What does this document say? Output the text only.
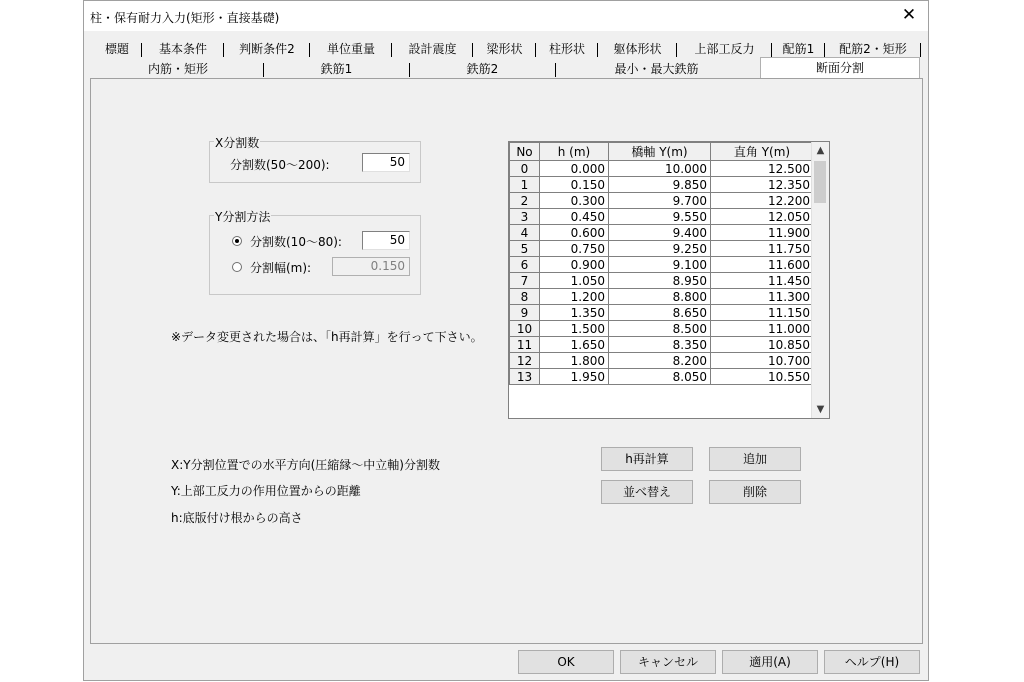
柱・保有耐力入力(矩形・直接基礎)	✕
標題	基本条件	判断条件2	単位重量	設計震度	梁形状	柱形状	躯体形状	上部工反力	配筋1	配筋2・矩形
内筋・矩形	鉄筋1	鉄筋2	最小・最大鉄筋	断面分割
X分割数
分割数(50～200):	50
Y分割方法
分割数(10～80):	50
分割幅(m):	0.150
※データ変更された場合は、「h再計算」を行って下さい。
X:Y分割位置での水平方向(圧縮縁～中立軸)分割数
Y:上部工反力の作用位置からの距離
h:底版付け根からの高さ
h再計算	追加
並べ替え	削除
OK	キャンセル	適用(A)	ヘルプ(H)
No	h (m)	橋軸 Y(m)	直角 Y(m)
0	0.000	10.000	12.500
1	0.150	9.850	12.350
2	0.300	9.700	12.200
3	0.450	9.550	12.050
4	0.600	9.400	11.900
5	0.750	9.250	11.750
6	0.900	9.100	11.600
7	1.050	8.950	11.450
8	1.200	8.800	11.300
9	1.350	8.650	11.150
10	1.500	8.500	11.000
11	1.650	8.350	10.850
12	1.800	8.200	10.700
13	1.950	8.050	10.550
▲
▼
